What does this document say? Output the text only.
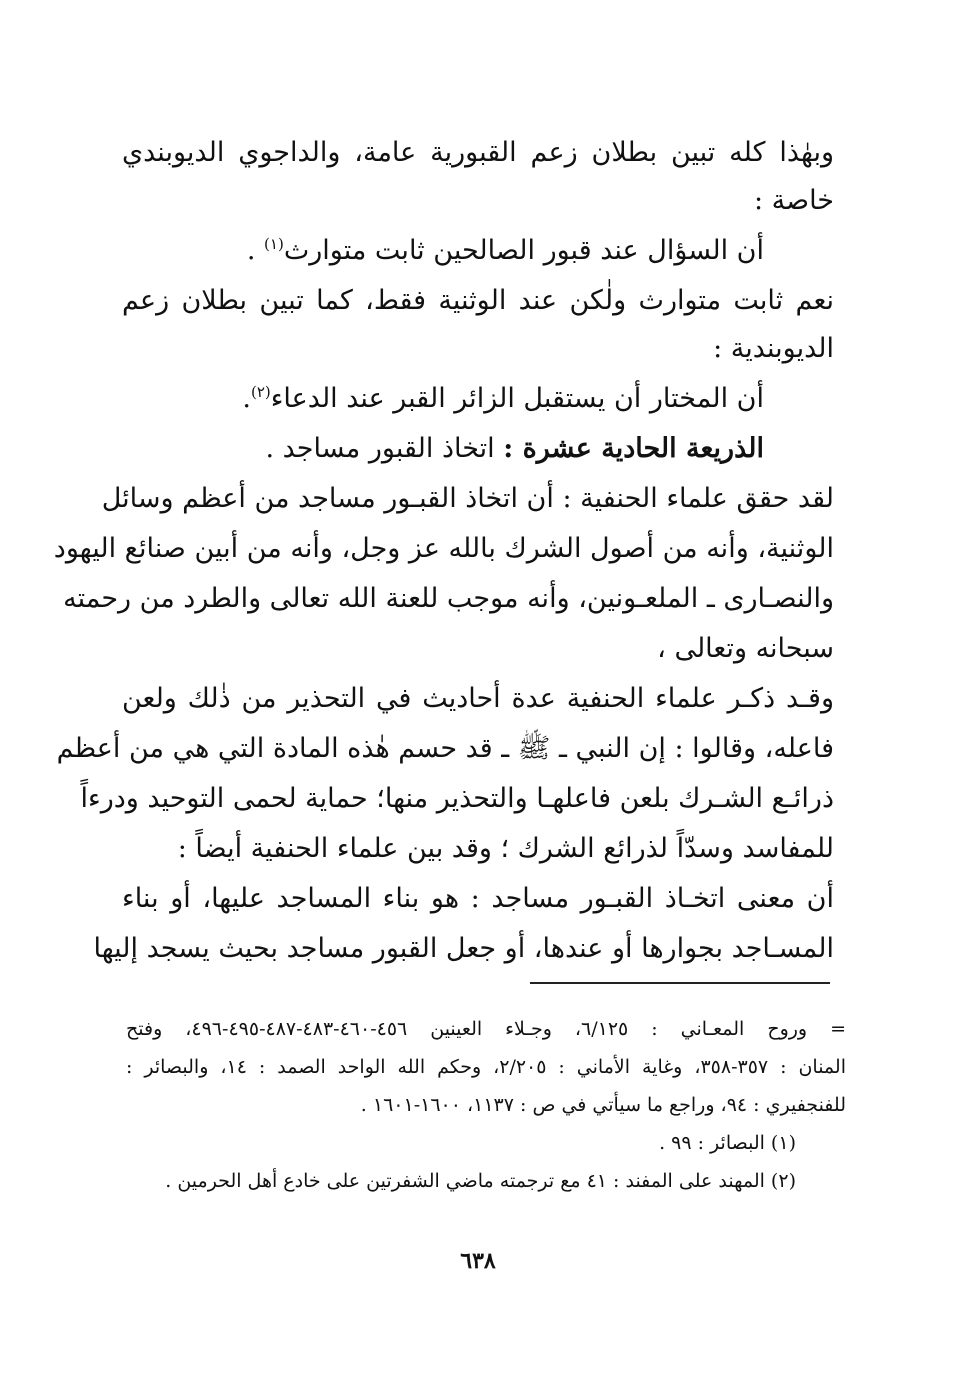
وبهٰذا كله تبين بطلان زعم القبورية عامة، والداجوي الديوبندي
خاصة :
أن السؤال عند قبور الصالحين ثابت متوارث$^{(١)}$ .
نعم ثابت متوارث ولٰكن عند الوثنية فقط، كما تبين بطلان زعم
الديوبندية :
أن المختار أن يستقبل الزائر القبر عند الدعاء$^{(٢)}$.
الذريعة الحادية عشرة : اتخاذ القبور مساجد .
لقد حقق علماء الحنفية : أن اتخاذ القبـور مساجد من أعظم وسائل
الوثنية، وأنه من أصول الشرك بالله عز وجل، وأنه من أبين صنائع اليهود
والنصـارى ـ الملعـونين، وأنه موجب للعنة الله تعالى والطرد من رحمته
سبحانه وتعالى ،
وقـد ذكـر علماء الحنفية عدة أحاديث في التحذير من ذٰلك ولعن
فاعله، وقالوا : إن النبي ـ ﷺ ـ قد حسم هٰذه المادة التي هي من أعظم
ذرائـع الشـرك بلعن فاعلهـا والتحذير منها؛ حماية لحمى التوحيد ودرءاً
للمفاسد وسدّاً لذرائع الشرك ؛ وقد بين علماء الحنفية أيضاً :
أن معنى اتخـاذ القبـور مساجد : هو بناء المساجد عليها، أو بناء
المسـاجد بجوارها أو عندها، أو جعل القبور مساجد بحيث يسجد إليها
= وروح المعـاني : ٦/١٢٥، وجـلاء العينين ٤٥٦-٤٦٠-٤٨٣-٤٨٧-٤٩٥-٤٩٦، وفتح
المنان : ٣٥٧-٣٥٨، وغاية الأماني : ٢/٢٠٥، وحكم الله الواحد الصمد : ١٤، والبصائر :
للفنجفيري : ٩٤، وراجع ما سيأتي في ص : ١١٣٧، ١٦٠٠-١٦٠١ .
(١) البصائر : ٩٩ .
(٢) المهند على المفند : ٤١ مع ترجمته ماضي الشفرتين على خادع أهل الحرمين .
٦٣٨
